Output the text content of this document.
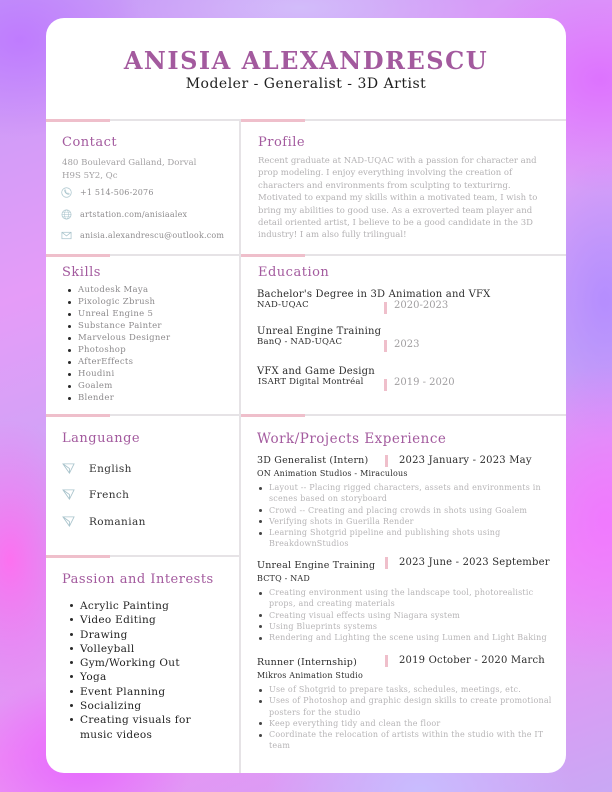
ANISIA ALEXANDRESCU
Modeler - Generalist - 3D Artist
Contact
480 Boulevard Galland, Dorval
H9S 5Y2, Qc
+1 514-506-2076
artstation.com/anisiaalex
anisia.alexandrescu@outlook.com
Profile
Recent graduate at NAD-UQAC with a passion for character and prop modeling. I enjoy everything involving the creation of characters and environments from sculpting to texturirng. Motivated to expand my skills within a motivated team, I wish to bring my abilities to good use. As a exroverted team player and detail oriented artist, I believe to be a good candidate in the 3D industry! I am also fully trilingual!
Skills
Autodesk Maya
Pixologic Zbrush
Unreal Engine 5
Substance Painter
Marvelous Designer
Photoshop
AfterEffects
Houdini
Goalem
Blender
Education
Bachelor's Degree in 3D Animation and VFX
NAD-UQAC	2020-2023
Unreal Engine Training
BanQ - NAD-UQAC	2023
VFX and Game Design
ISART Digital Montréal	2019 - 2020
Languange
English
French
Romanian
Passion and Interests
Acrylic Painting
Video Editing
Drawing
Volleyball
Gym/Working Out
Yoga
Event Planning
Socializing
Creating visuals for music videos
Work/Projects Experience
3D Generalist (Intern)	2023 January - 2023 May
ON Animation Studios - Miraculous
Layout -- Placing rigged characters, assets and environments in scenes based on storyboard
Crowd -- Creating and placing crowds in shots using Goalem
Verifying shots in Guerilla Render
Learning Shotgrid pipeline and publishing shots using BreakdownStudios
Unreal Engine Training	2023 June - 2023 September
BCTQ - NAD
Creating environment using the landscape tool, photorealistic props, and creating materials
Creating visual effects using Niagara system
Using Blueprints systems
Rendering and Lighting the scene using Lumen and Light Baking
Runner (Internship)	2019 October - 2020 March
Mikros Animation Studio
Use of Shotgrid to prepare tasks, schedules, meetings, etc.
Uses of Photoshop and graphic design skills to create promotional posters for the studio
Keep everything tidy and clean the floor
Coordinate the relocation of artists within the studio with the IT team
